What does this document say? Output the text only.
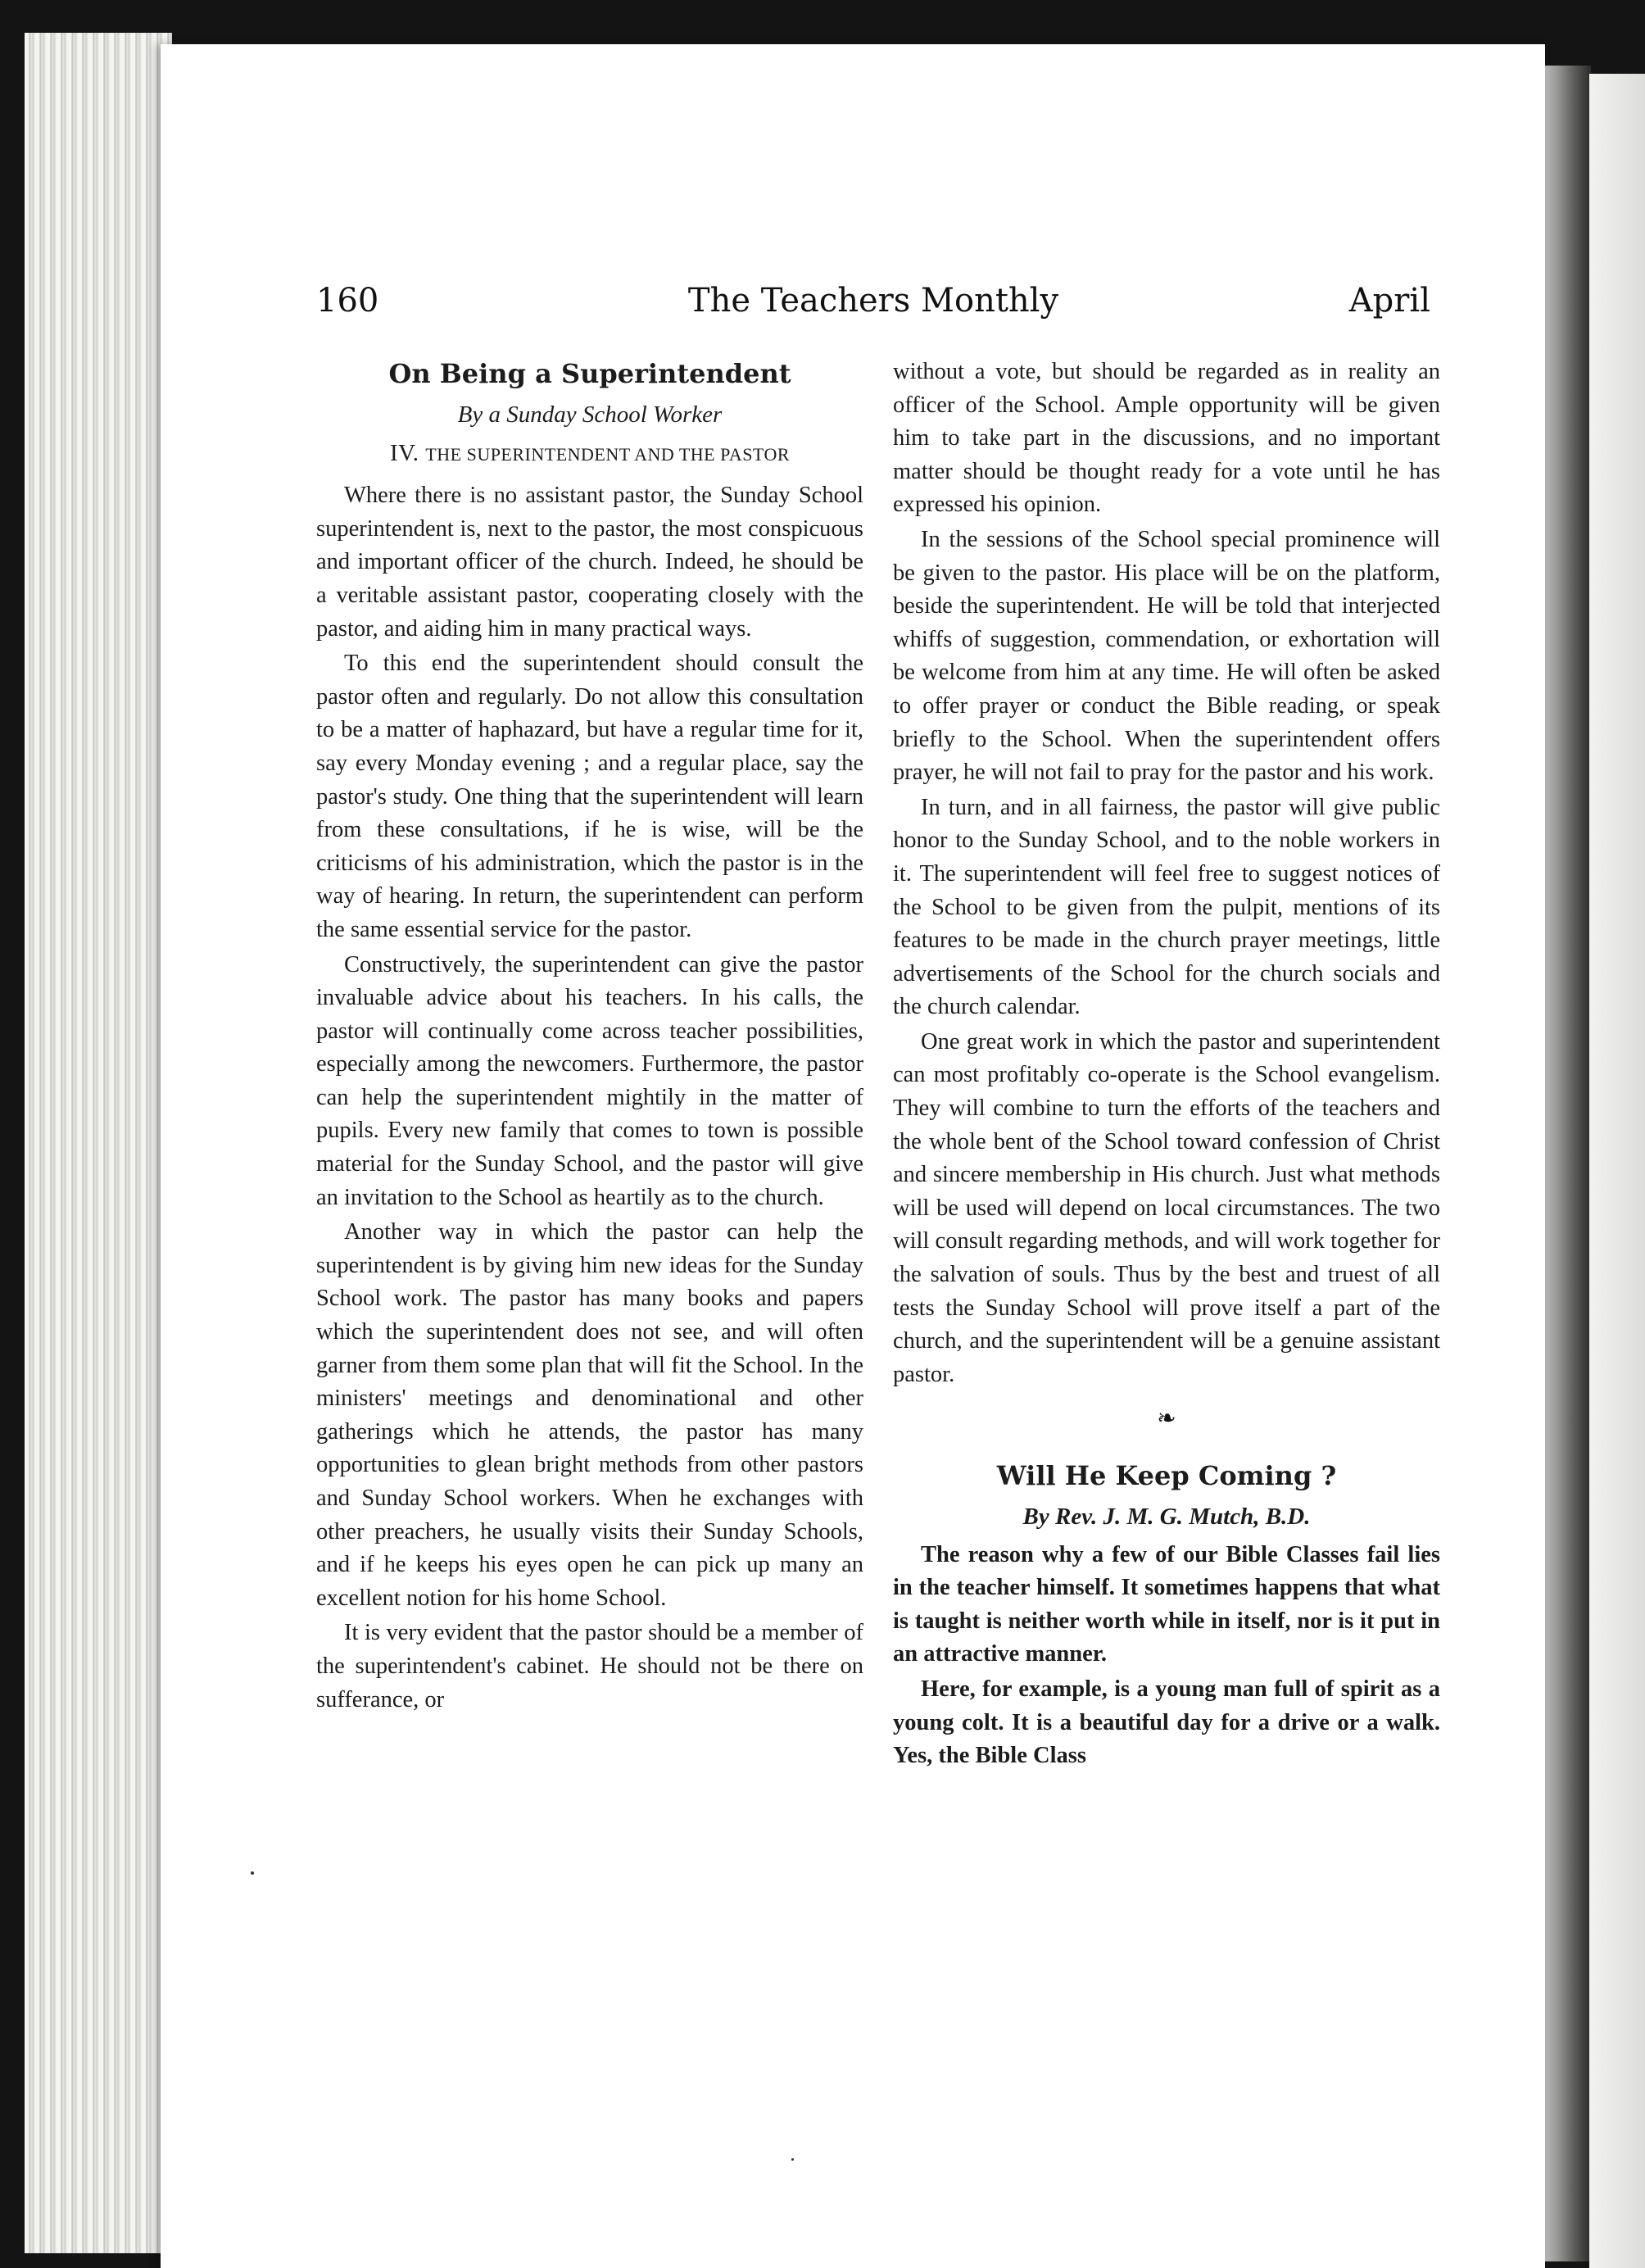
160	The Teachers Monthly	April
On Being a Superintendent
By a Sunday School Worker
IV. THE SUPERINTENDENT AND THE PASTOR

Where there is no assistant pastor, the Sunday School superintendent is, next to the pastor, the most conspicuous and important officer of the church. Indeed, he should be a veritable assistant pastor, cooperating closely with the pastor, and aiding him in many practical ways.

To this end the superintendent should consult the pastor often and regularly. Do not allow this consultation to be a matter of haphazard, but have a regular time for it, say every Monday evening ; and a regular place, say the pastor's study. One thing that the superintendent will learn from these consultations, if he is wise, will be the criticisms of his administration, which the pastor is in the way of hearing. In return, the superintendent can perform the same essential service for the pastor.

Constructively, the superintendent can give the pastor invaluable advice about his teachers. In his calls, the pastor will continually come across teacher possibilities, especially among the newcomers. Furthermore, the pastor can help the superintendent mightily in the matter of pupils. Every new family that comes to town is possible material for the Sunday School, and the pastor will give an invitation to the School as heartily as to the church.

Another way in which the pastor can help the superintendent is by giving him new ideas for the Sunday School work. The pastor has many books and papers which the superintendent does not see, and will often garner from them some plan that will fit the School. In the ministers' meetings and denominational and other gatherings which he attends, the pastor has many opportunities to glean bright methods from other pastors and Sunday School workers. When he exchanges with other preachers, he usually visits their Sunday Schools, and if he keeps his eyes open he can pick up many an excellent notion for his home School.

It is very evident that the pastor should be a member of the superintendent's cabinet. He should not be there on sufferance, or

without a vote, but should be regarded as in reality an officer of the School. Ample opportunity will be given him to take part in the discussions, and no important matter should be thought ready for a vote until he has expressed his opinion.

In the sessions of the School special prominence will be given to the pastor. His place will be on the platform, beside the superintendent. He will be told that interjected whiffs of suggestion, commendation, or exhortation will be welcome from him at any time. He will often be asked to offer prayer or conduct the Bible reading, or speak briefly to the School. When the superintendent offers prayer, he will not fail to pray for the pastor and his work.

In turn, and in all fairness, the pastor will give public honor to the Sunday School, and to the noble workers in it. The superintendent will feel free to suggest notices of the School to be given from the pulpit, mentions of its features to be made in the church prayer meetings, little advertisements of the School for the church socials and the church calendar.

One great work in which the pastor and superintendent can most profitably co-operate is the School evangelism. They will combine to turn the efforts of the teachers and the whole bent of the School toward confession of Christ and sincere membership in His church. Just what methods will be used will depend on local circumstances. The two will consult regarding methods, and will work together for the salvation of souls. Thus by the best and truest of all tests the Sunday School will prove itself a part of the church, and the superintendent will be a genuine assistant pastor.

❧
Will He Keep Coming ?
By Rev. J. M. G. Mutch, B.D.

The reason why a few of our Bible Classes fail lies in the teacher himself. It sometimes happens that what is taught is neither worth while in itself, nor is it put in an attractive manner.

Here, for example, is a young man full of spirit as a young colt. It is a beautiful day for a drive or a walk. Yes, the Bible Class
